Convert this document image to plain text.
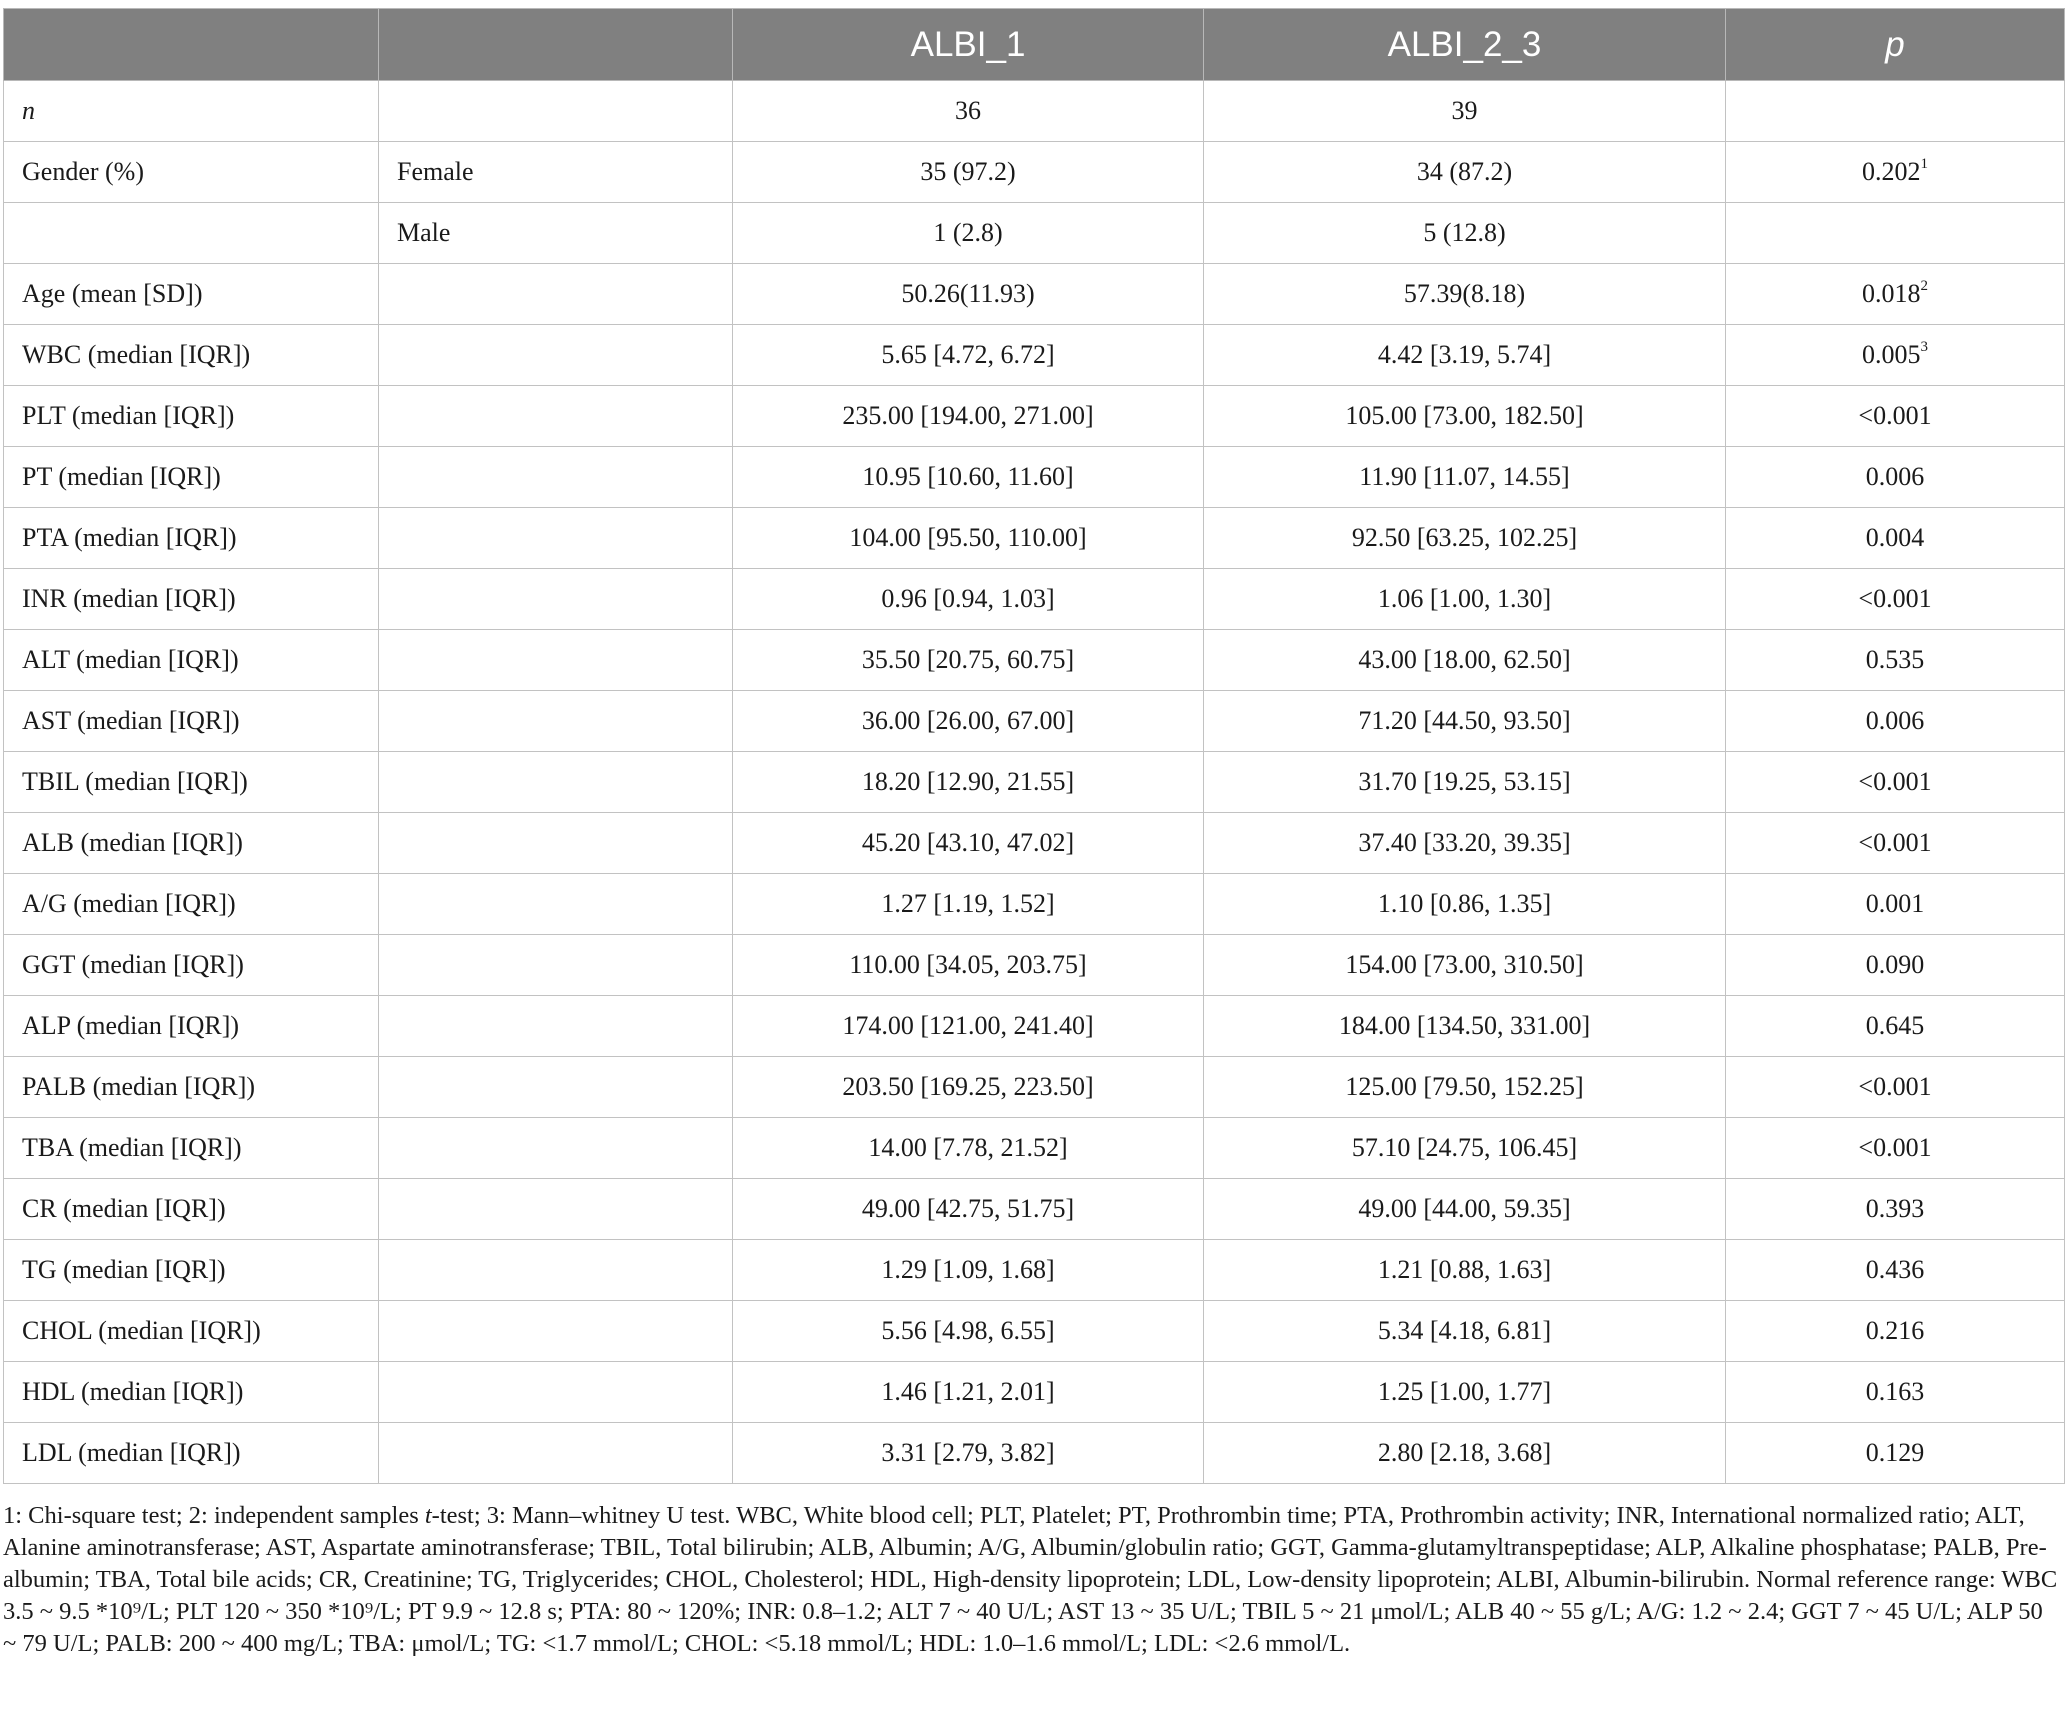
		ALBI_1	ALBI_2_3	p
n		36	39	
Gender (%)	Female	35 (97.2)	34 (87.2)	0.202$^1$
	Male	1 (2.8)	5 (12.8)	
Age (mean [SD])		50.26(11.93)	57.39(8.18)	0.018$^2$
WBC (median [IQR])		5.65 [4.72, 6.72]	4.42 [3.19, 5.74]	0.005$^3$
PLT (median [IQR])		235.00 [194.00, 271.00]	105.00 [73.00, 182.50]	<0.001
PT (median [IQR])		10.95 [10.60, 11.60]	11.90 [11.07, 14.55]	0.006
PTA (median [IQR])		104.00 [95.50, 110.00]	92.50 [63.25, 102.25]	0.004
INR (median [IQR])		0.96 [0.94, 1.03]	1.06 [1.00, 1.30]	<0.001
ALT (median [IQR])		35.50 [20.75, 60.75]	43.00 [18.00, 62.50]	0.535
AST (median [IQR])		36.00 [26.00, 67.00]	71.20 [44.50, 93.50]	0.006
TBIL (median [IQR])		18.20 [12.90, 21.55]	31.70 [19.25, 53.15]	<0.001
ALB (median [IQR])		45.20 [43.10, 47.02]	37.40 [33.20, 39.35]	<0.001
A/G (median [IQR])		1.27 [1.19, 1.52]	1.10 [0.86, 1.35]	0.001
GGT (median [IQR])		110.00 [34.05, 203.75]	154.00 [73.00, 310.50]	0.090
ALP (median [IQR])		174.00 [121.00, 241.40]	184.00 [134.50, 331.00]	0.645
PALB (median [IQR])		203.50 [169.25, 223.50]	125.00 [79.50, 152.25]	<0.001
TBA (median [IQR])		14.00 [7.78, 21.52]	57.10 [24.75, 106.45]	<0.001
CR (median [IQR])		49.00 [42.75, 51.75]	49.00 [44.00, 59.35]	0.393
TG (median [IQR])		1.29 [1.09, 1.68]	1.21 [0.88, 1.63]	0.436
CHOL (median [IQR])		5.56 [4.98, 6.55]	5.34 [4.18, 6.81]	0.216
HDL (median [IQR])		1.46 [1.21, 2.01]	1.25 [1.00, 1.77]	0.163
LDL (median [IQR])		3.31 [2.79, 3.82]	2.80 [2.18, 3.68]	0.129
1: Chi-square test; 2: independent samples t-test; 3: Mann–whitney U test. WBC, White blood cell; PLT, Platelet; PT, Prothrombin time; PTA, Prothrombin activity; INR, International normalized ratio; ALT, Alanine aminotransferase; AST, Aspartate aminotransferase; TBIL, Total bilirubin; ALB, Albumin; A/G, Albumin/globulin ratio; GGT, Gamma-glutamyltranspeptidase; ALP, Alkaline phosphatase; PALB, Pre-albumin; TBA, Total bile acids; CR, Creatinine; TG, Triglycerides; CHOL, Cholesterol; HDL, High-density lipoprotein; LDL, Low-density lipoprotein; ALBI, Albumin-bilirubin. Normal reference range: WBC 3.5 ~ 9.5 *10⁹/L; PLT 120 ~ 350 *10⁹/L; PT 9.9 ~ 12.8 s; PTA: 80 ~ 120%; INR: 0.8–1.2; ALT 7 ~ 40 U/L; AST 13 ~ 35 U/L; TBIL 5 ~ 21 μmol/L; ALB 40 ~ 55 g/L; A/G: 1.2 ~ 2.4; GGT 7 ~ 45 U/L; ALP 50 ~ 79 U/L; PALB: 200 ~ 400 mg/L; TBA: μmol/L; TG: <1.7 mmol/L; CHOL: <5.18 mmol/L; HDL: 1.0–1.6 mmol/L; LDL: <2.6 mmol/L.
